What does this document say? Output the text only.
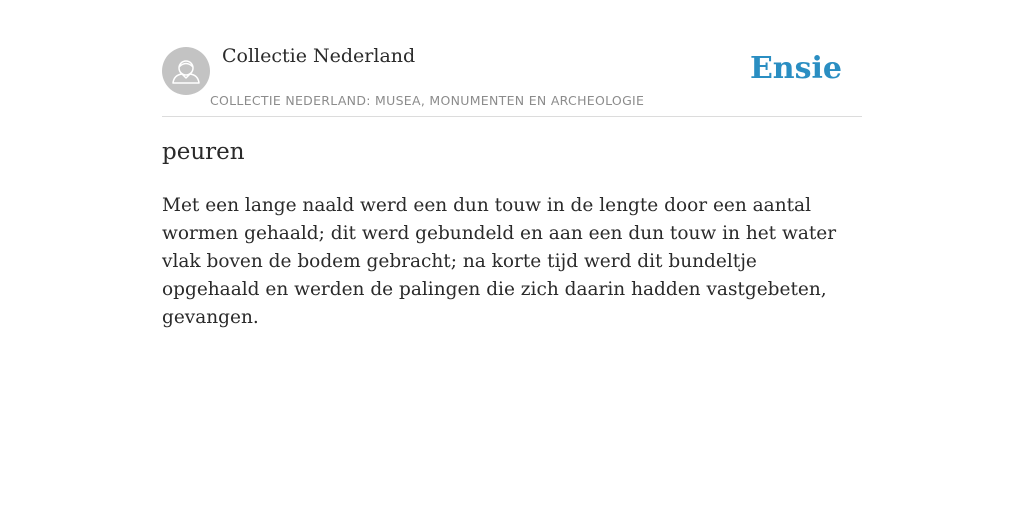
Collectie Nederland
COLLECTIE NEDERLAND: MUSEA, MONUMENTEN EN ARCHEOLOGIE
Ensie
peuren

Met een lange naald werd een dun touw in de lengte door een aantal wormen gehaald; dit werd gebundeld en aan een dun touw in het water vlak boven de bodem gebracht; na korte tijd werd dit bundeltje opgehaald en werden de palingen die zich daarin hadden vastgebeten, gevangen.
